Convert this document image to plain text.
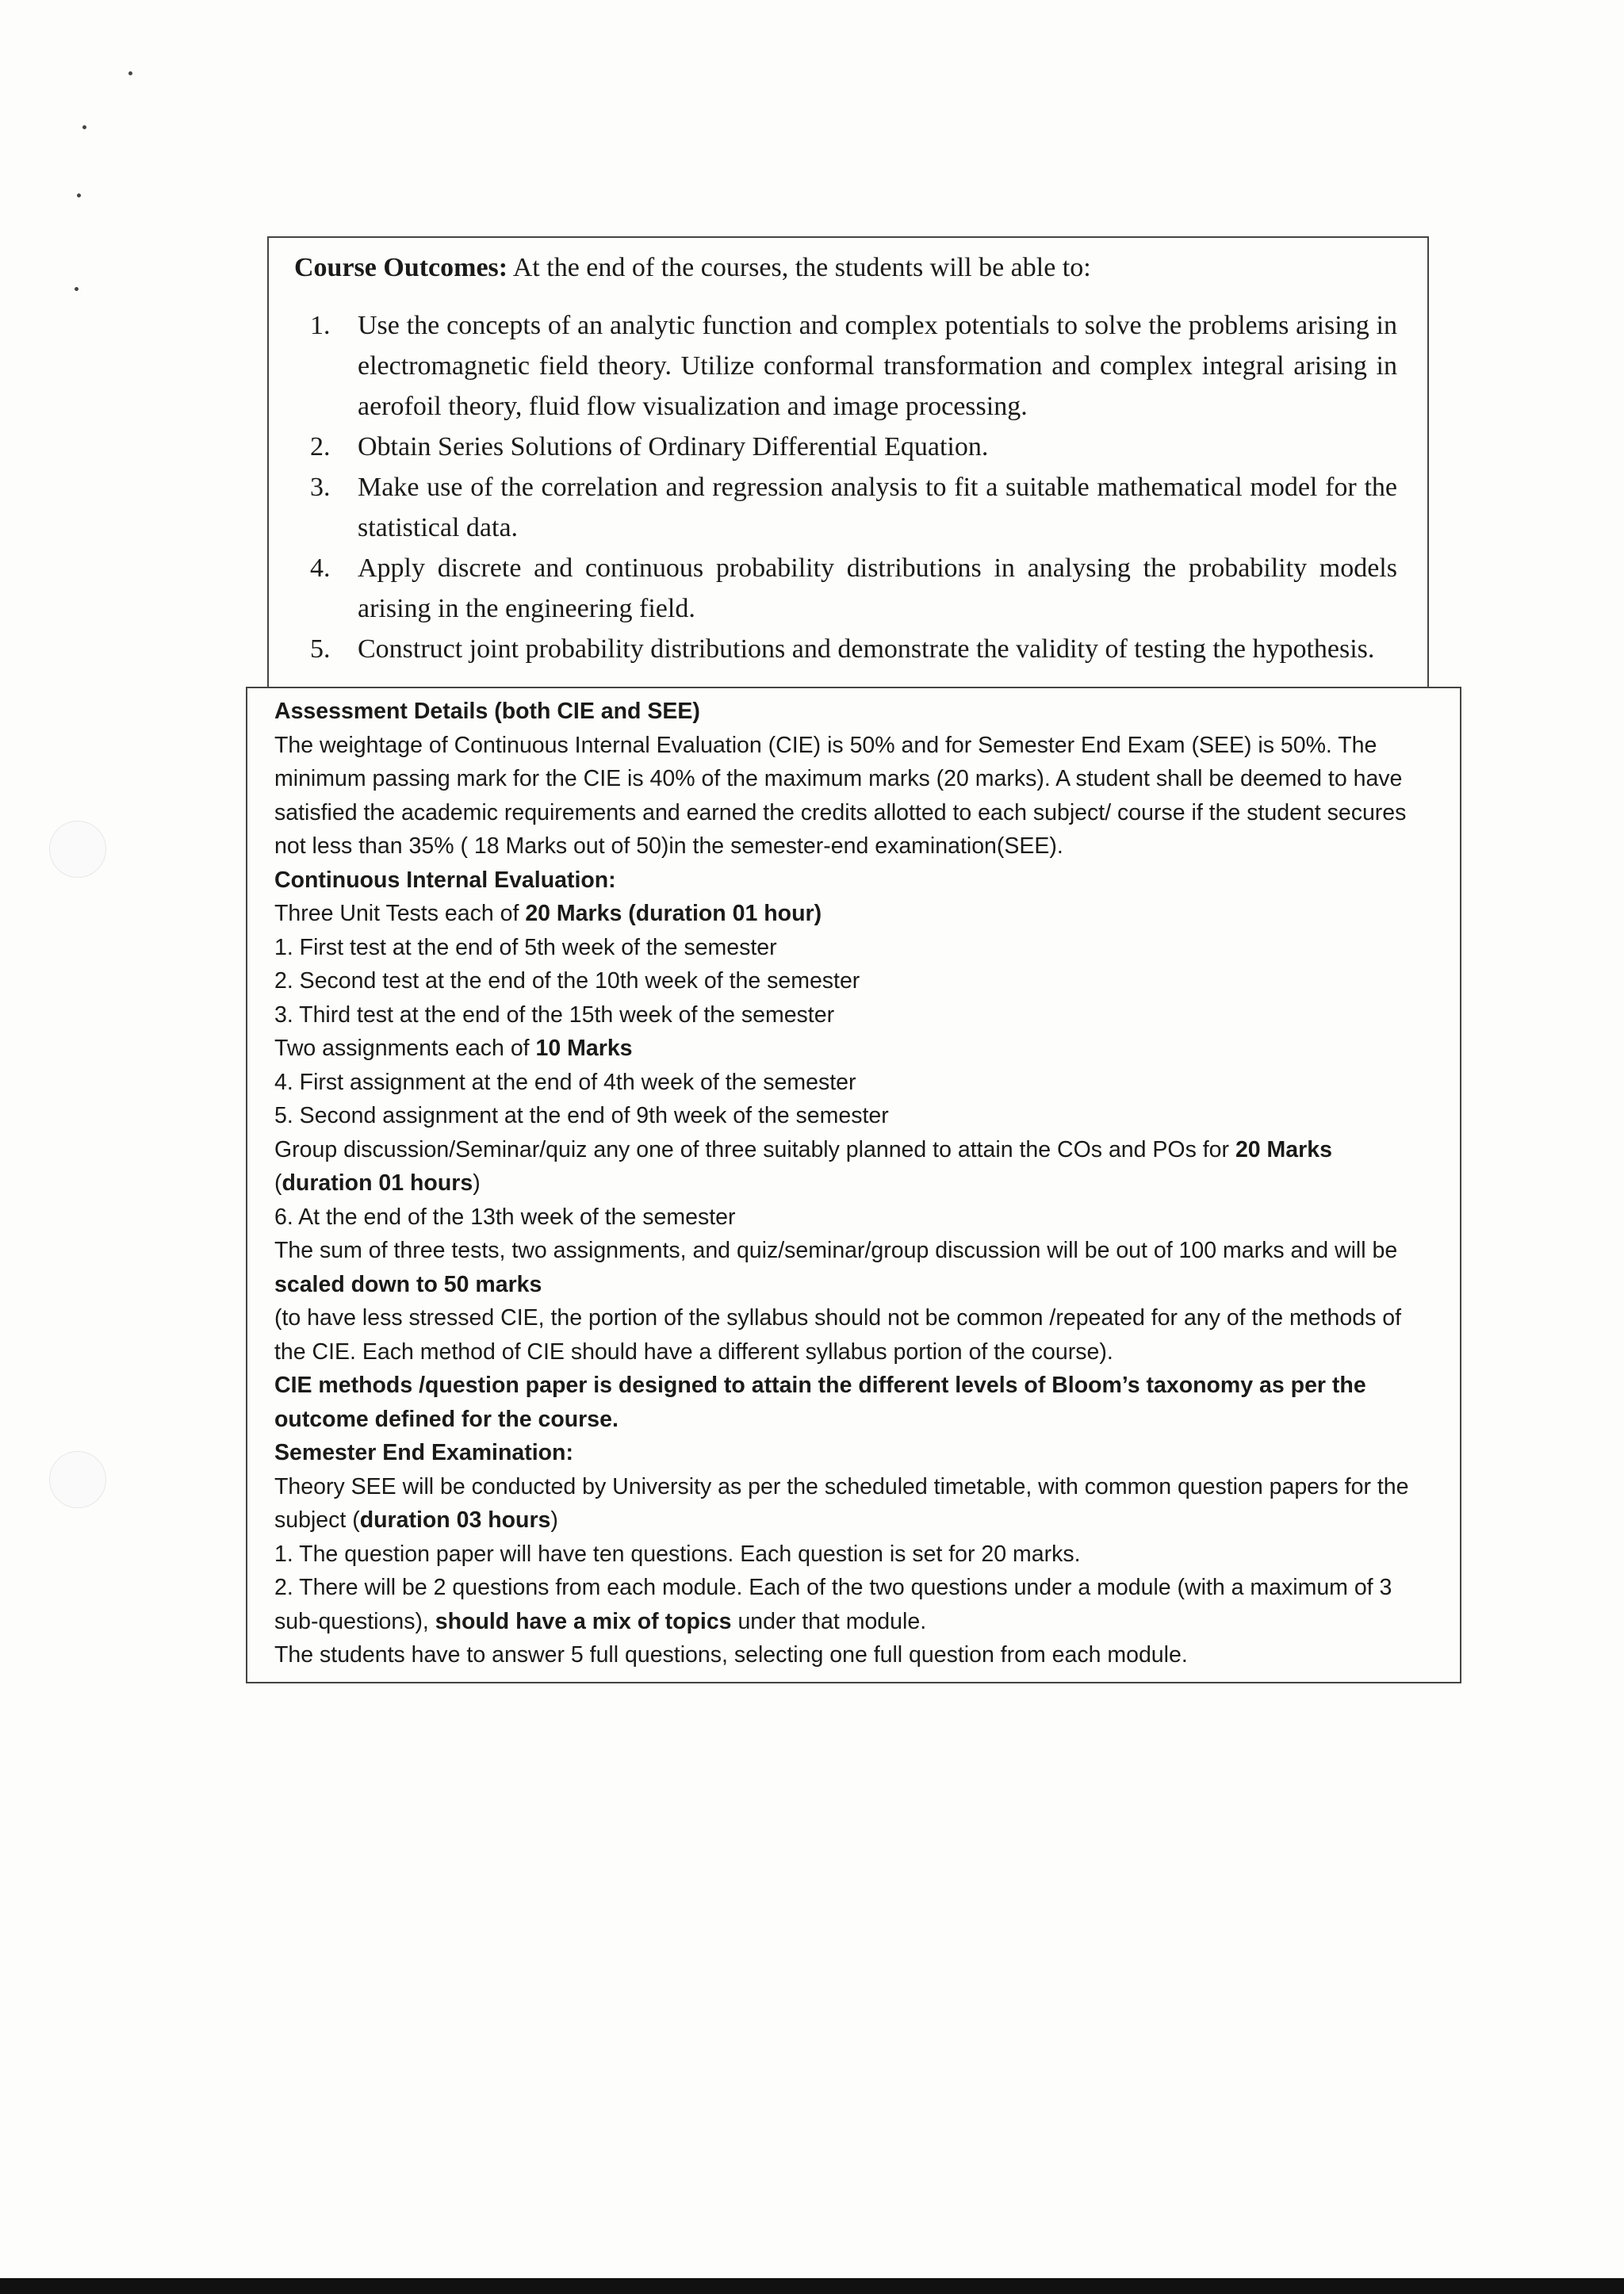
Course Outcomes: At the end of the courses, the students will be able to:
1. Use the concepts of an analytic function and complex potentials to solve the problems arising in electromagnetic field theory. Utilize conformal transformation and complex integral arising in aerofoil theory, fluid flow visualization and image processing.
2. Obtain Series Solutions of Ordinary Differential Equation.
3. Make use of the correlation and regression analysis to fit a suitable mathematical model for the statistical data.
4. Apply discrete and continuous probability distributions in analysing the probability models arising in the engineering field.
5. Construct joint probability distributions and demonstrate the validity of testing the hypothesis.

Assessment Details (both CIE and SEE)

The weightage of Continuous Internal Evaluation (CIE) is 50% and for Semester End Exam (SEE) is 50%. The minimum passing mark for the CIE is 40% of the maximum marks (20 marks). A student shall be deemed to have satisfied the academic requirements and earned the credits allotted to each subject/ course if the student secures not less than 35% ( 18 Marks out of 50)in the semester-end examination(SEE).

Continuous Internal Evaluation:

Three Unit Tests each of 20 Marks (duration 01 hour)

1. First test at the end of 5th week of the semester

2. Second test at the end of the 10th week of the semester

3. Third test at the end of the 15th week of the semester

Two assignments each of 10 Marks

4. First assignment at the end of 4th week of the semester

5. Second assignment at the end of 9th week of the semester

Group discussion/Seminar/quiz any one of three suitably planned to attain the COs and POs for 20 Marks (duration 01 hours)

6. At the end of the 13th week of the semester

The sum of three tests, two assignments, and quiz/seminar/group discussion will be out of 100 marks and will be scaled down to 50 marks

(to have less stressed CIE, the portion of the syllabus should not be common /repeated for any of the methods of the CIE. Each method of CIE should have a different syllabus portion of the course).

CIE methods /question paper is designed to attain the different levels of Bloom’s taxonomy as per the outcome defined for the course.

Semester End Examination:

Theory SEE will be conducted by University as per the scheduled timetable, with common question papers for the subject (duration 03 hours)

1. The question paper will have ten questions. Each question is set for 20 marks.

2. There will be 2 questions from each module. Each of the two questions under a module (with a maximum of 3 sub-questions), should have a mix of topics under that module.

The students have to answer 5 full questions, selecting one full question from each module.
